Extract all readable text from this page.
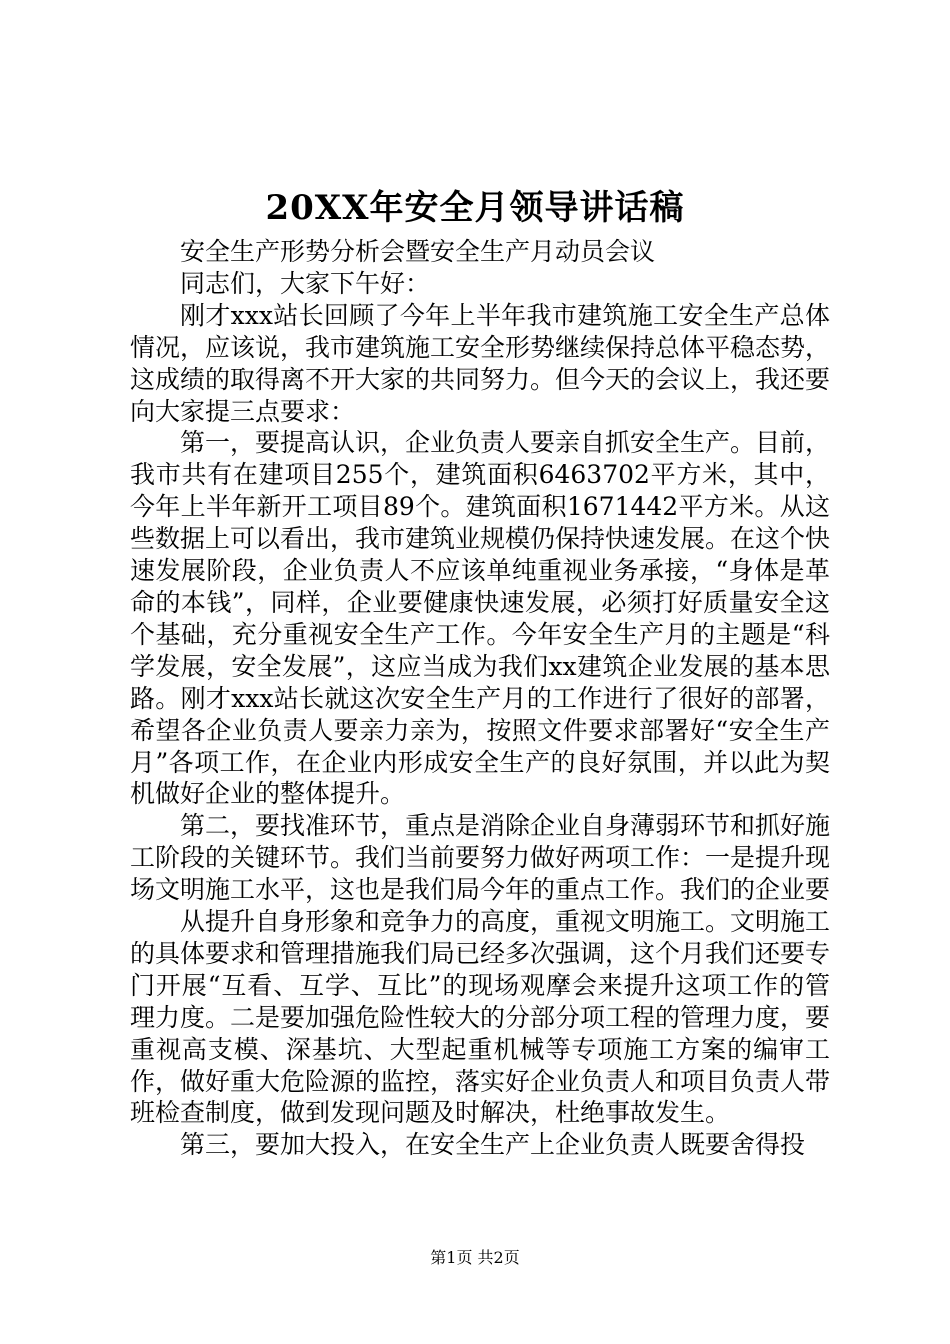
20XX年安全月领导讲话稿

安全生产形势分析会暨安全生产月动员会议

同志们，大家下午好：

刚才xxx站长回顾了今年上半年我市建筑施工安全生产总体情况，应该说，我市建筑施工安全形势继续保持总体平稳态势，这成绩的取得离不开大家的共同努力。但今天的会议上，我还要向大家提三点要求：

第一，要提高认识，企业负责人要亲自抓安全生产。目前，我市共有在建项目255个，建筑面积6463702平方米，其中，今年上半年新开工项目89个。建筑面积1671442平方米。从这些数据上可以看出，我市建筑业规模仍保持快速发展。在这个快速发展阶段，企业负责人不应该单纯重视业务承接，“身体是革命的本钱”，同样，企业要健康快速发展，必须打好质量安全这个基础，充分重视安全生产工作。今年安全生产月的主题是“科学发展，安全发展”，这应当成为我们xx建筑企业发展的基本思路。刚才xxx站长就这次安全生产月的工作进行了很好的部署，希望各企业负责人要亲力亲为，按照文件要求部署好“安全生产月”各项工作，在企业内形成安全生产的良好氛围，并以此为契机做好企业的整体提升。

第二，要找准环节，重点是消除企业自身薄弱环节和抓好施工阶段的关键环节。我们当前要努力做好两项工作：一是提升现场文明施工水平，这也是我们局今年的重点工作。我们的企业要

从提升自身形象和竞争力的高度，重视文明施工。文明施工的具体要求和管理措施我们局已经多次强调，这个月我们还要专门开展“互看、互学、互比”的现场观摩会来提升这项工作的管理力度。二是要加强危险性较大的分部分项工程的管理力度，要重视高支模、深基坑、大型起重机械等专项施工方案的编审工作，做好重大危险源的监控，落实好企业负责人和项目负责人带班检查制度，做到发现问题及时解决，杜绝事故发生。

第三，要加大投入，在安全生产上企业负责人既要舍得投

第1页 共2页
